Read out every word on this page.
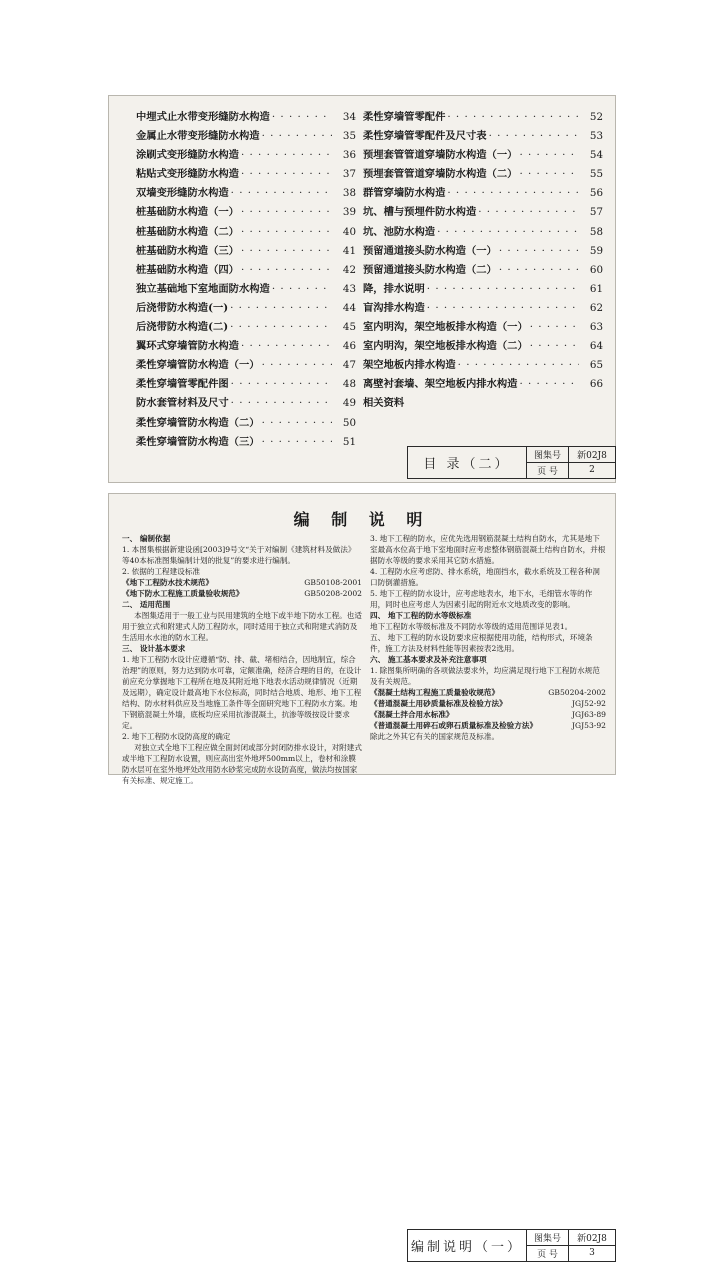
中埋式止水带变形缝防水构造 · · ·	34
金属止水带变形缝防水构造 · · ·	35
涂刷式变形缝防水构造 · · ·	36
粘贴式变形缝防水构造 · · ·	37
双墙变形缝防水构造 · · ·	38
桩基础防水构造（一） · · ·	39
桩基础防水构造（二） · · ·	40
桩基础防水构造（三） · · ·	41
桩基础防水构造（四） · · ·	42
独立基础地下室地面防水构造 · · ·	43
后浇带防水构造(一) · · ·	44
后浇带防水构造(二) · · ·	45
翼环式穿墙管防水构造 · · ·	46
柔性穿墙管防水构造（一） · · ·	47
柔性穿墙管零配件图 · · ·	48
防水套管材料及尺寸 · · ·	49
柔性穿墙管防水构造（二） · · ·	50
柔性穿墙管防水构造（三） · · ·	51
柔性穿墙管零配件 · · ·	52
柔性穿墙管零配件及尺寸表 · · ·	53
预埋套管管道穿墙防水构造（一） · · ·	54
预埋套管管道穿墙防水构造（二） · · ·	55
群管穿墙防水构造 · · ·	56
坑、槽与预埋件防水构造 · · ·	57
坑、池防水构造 · · ·	58
预留通道接头防水构造（一） · · ·	59
预留通道接头防水构造（二） · · ·	60
降，排水说明 · · ·	61
盲沟排水构造 · · ·	62
室内明沟，架空地板排水构造（一） · · ·	63
室内明沟，架空地板排水构造（二） · · ·	64
架空地板内排水构造 · · ·	65
离壁衬套墙、架空地板内排水构造 · · ·	66
相关资料
目 录（二）
图集号	新02J8
页 号	2
编 制 说 明

一、 编制依据

1. 本图集根据新建设函[2003]9号文“关于对编制《建筑材料及做法》等40本标准图集编制计划的批复”的要求进行编制。

2. 依据的工程建设标准

《地下工程防水技术规范》	GB50108-2001
《地下防水工程施工质量验收规范》	GB50208-2002

二、 适用范围

本图集适用于一般工业与民用建筑的全地下或半地下防水工程。也适用于独立式和附建式人防工程防水，同时适用于独立式和附建式消防及生活用水水池的防水工程。

三、 设计基本要求

1. 地下工程防水设计应遵循“防、排、截、堵相结合，因地制宜，综合治理”的原则，努力达到防水可靠，定额准确，经济合理的目的，在设计前应充分掌握地下工程所在地及其附近地下地表水活动规律情况（近期及远期），确定设计最高地下水位标高，同时结合地质、地形、地下工程结构、防水材料供应及当地施工条件等全面研究地下工程防水方案。地下钢筋混凝土外墙，底板均应采用抗渗混凝土，抗渗等级按设计要求定。

2. 地下工程防水设防高度的确定

对独立式全地下工程应做全面封闭或部分封闭防排水设计，对附建式或半地下工程防水设置，则应高出室外地坪500mm以上，卷材和涂膜防水层可在室外地坪处改用防水砂浆完成防水设防高度，做法均按国家有关标准、规定施工。

3. 地下工程的防水，应优先选用钢筋混凝土结构自防水，尤其是地下室最高水位高于地下室地面时应考虑整体钢筋混凝土结构自防水，并根据防水等级的要求采用其它防水措施。

4. 工程防水应考虑防、排水系统，地面挡水，截水系统及工程各种洞口防倒灌措施。

5. 地下工程的防水设计，应考虑地表水，地下水，毛细管水等的作用，同时也应考虑人为因素引起的附近水文地质改变的影响。

四、 地下工程的防水等级标准

地下工程防水等级标准及不同防水等级的适用范围详见表1。

五、 地下工程的防水设防要求应根据使用功能，结构形式，环境条件，施工方法及材料性能等因素按表2选用。

六、 施工基本要求及补充注意事项

1. 除图集所明确的各项做法要求外，均应满足现行地下工程防水规范及有关规范。

《混凝土结构工程施工质量验收规范》	GB50204-2002
《普通混凝土用砂质量标准及检验方法》	JGJ52-92
《混凝土拌合用水标准》	JGJ63-89
《普通混凝土用碎石或卵石质量标准及检验方法》	JGJ53-92

除此之外其它有关的国家规范及标准。

编制说明（一）
图集号	新02J8
页 号	3
